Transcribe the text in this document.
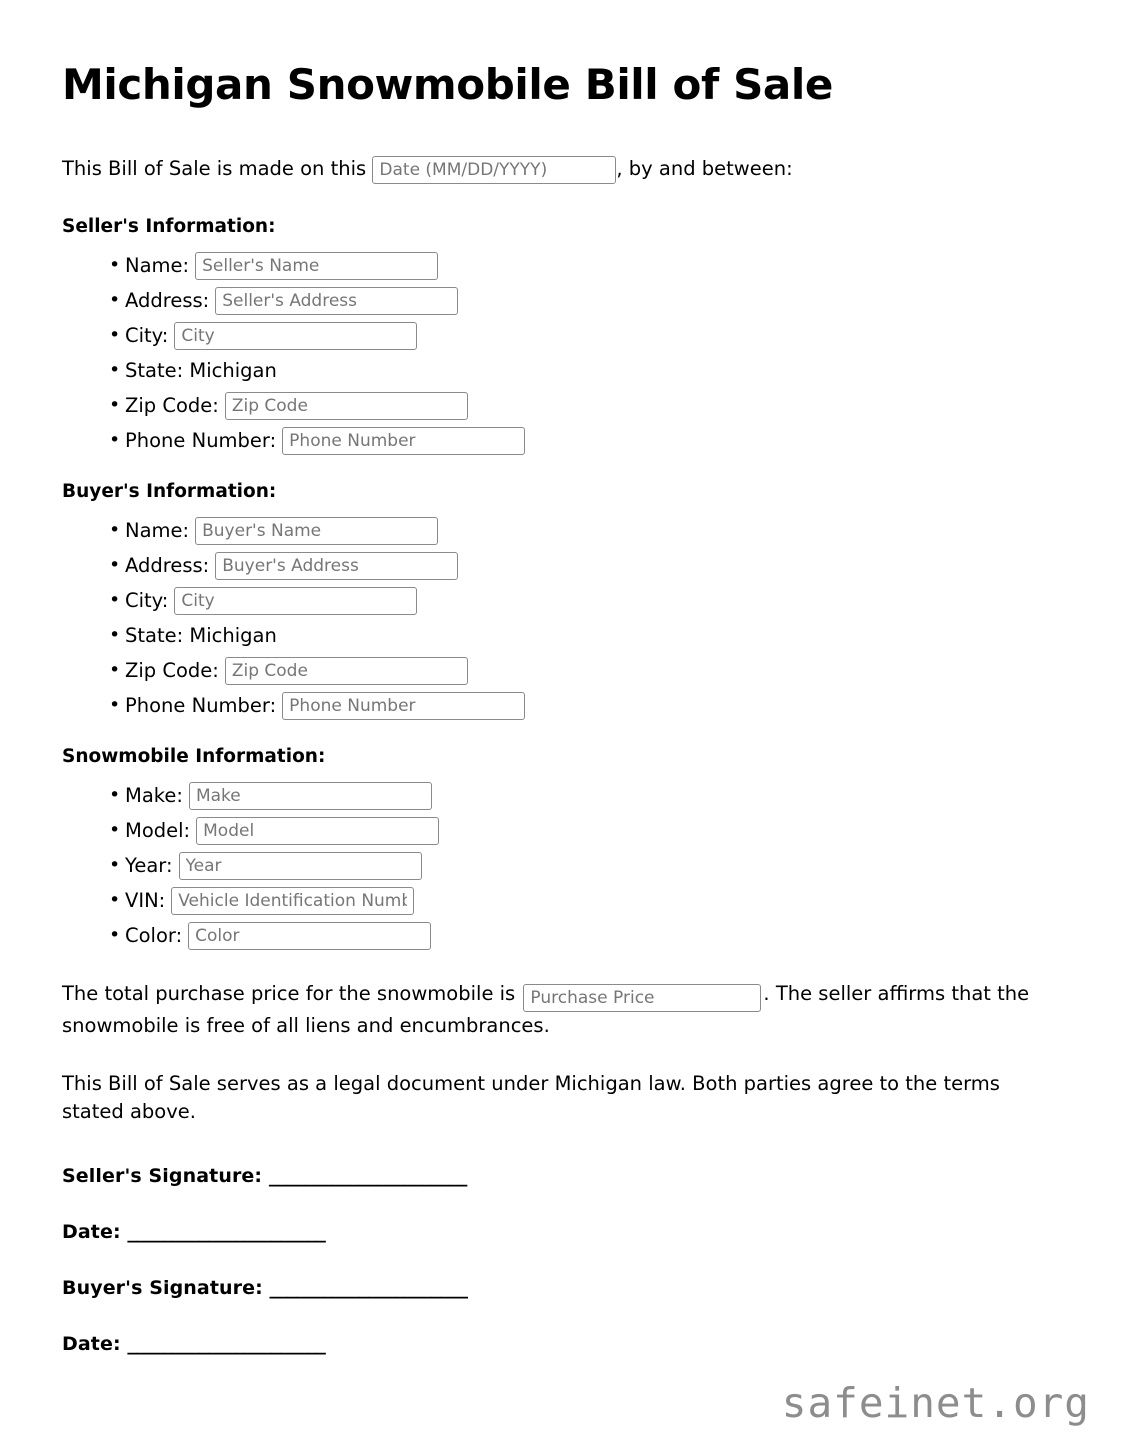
Michigan Snowmobile Bill of Sale

This Bill of Sale is made on this Date (MM/DD/YYYY)	, by and between:

Seller's Information:
• Name:
Seller's Name
• Address:
Seller's Address
• City:
City
• State: Michigan
• Zip Code:
Zip Code
• Phone Number:
Phone Number
Buyer's Information:
• Name:
Buyer's Name
• Address:
Buyer's Address
• City:
City
• State: Michigan
• Zip Code:
Zip Code
• Phone Number:
Phone Number
Snowmobile Information:
• Make:
Make
• Model:
Model
• Year:
Year
• VIN:
Vehicle Identification Number
• Color:
Color

The total purchase price for the snowmobile is Purchase Price	. The seller affirms that the snowmobile is free of all liens and encumbrances.

This Bill of Sale serves as a legal document under Michigan law. Both parties agree to the terms stated above.

Seller's Signature: ______________________
Date: ______________________
Buyer's Signature: ______________________
Date: ______________________
safeinet.org
